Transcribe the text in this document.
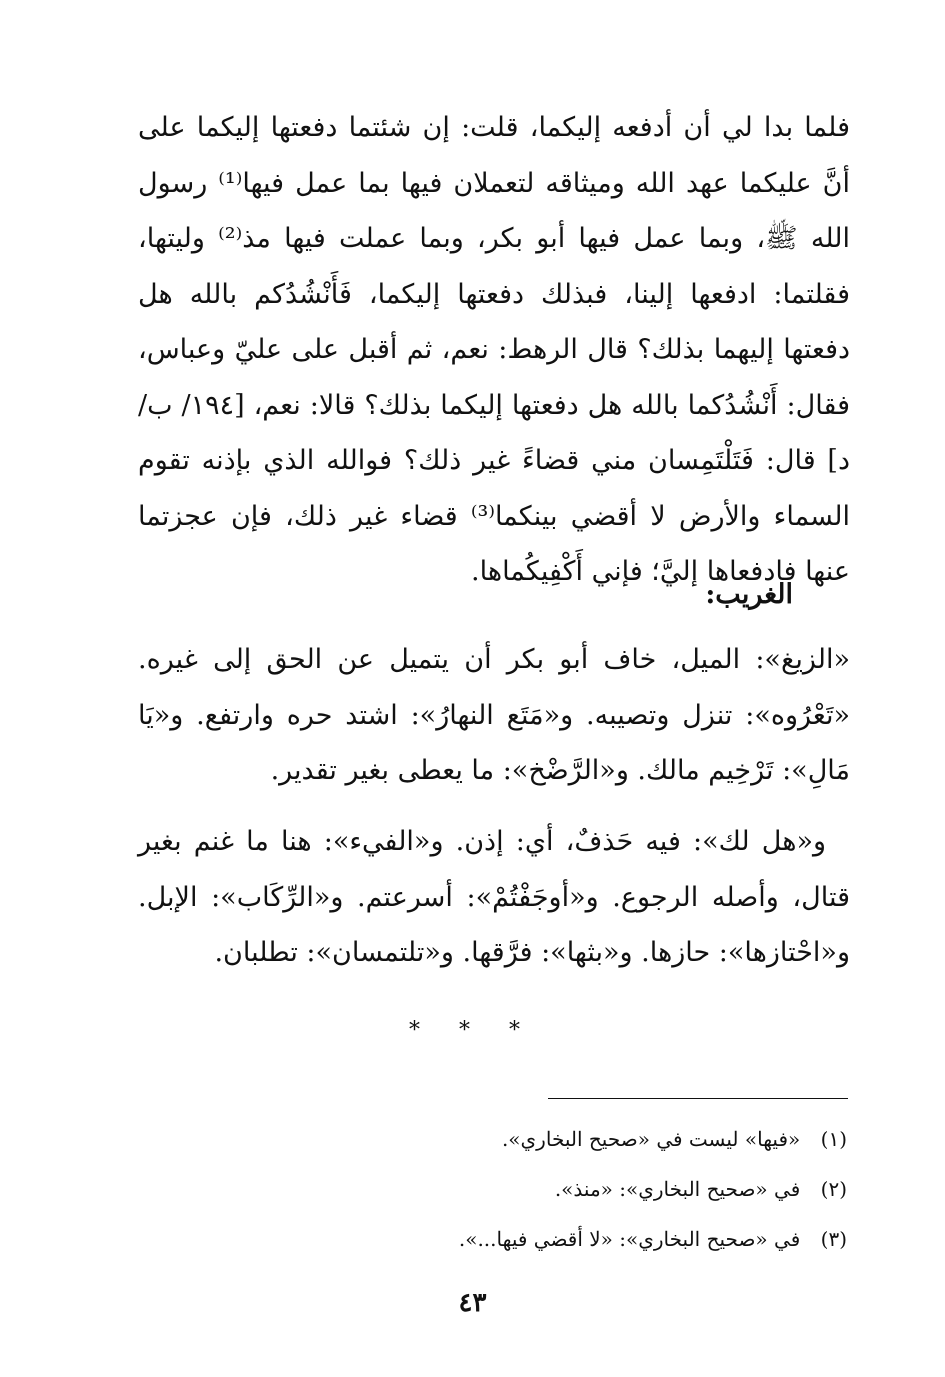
فلما بدا لي أن أدفعه إليكما، قلت: إن شئتما دفعتها إليكما على أنَّ عليكما عهد الله وميثاقه لتعملان فيها بما عمل فيها⁽¹⁾ رسول الله ﷺ، وبما عمل فيها أبو بكر، وبما عملت فيها مذ⁽²⁾ وليتها، فقلتما: ادفعها إلينا، فبذلك دفعتها إليكما، فَأَنْشُدُكم بالله هل دفعتها إليهما بذلك؟ قال الرهط: نعم، ثم أقبل على عليّ وعباس، فقال: أَنْشُدُكما بالله هل دفعتها إليكما بذلك؟ قالا: نعم، [١٩٤/ ب/ د] قال: فَتَلْتَمِسان مني قضاءً غير ذلك؟ فوالله الذي بإذنه تقوم السماء والأرض لا أقضي بينكما⁽³⁾ قضاء غير ذلك، فإن عجزتما عنها فادفعاها إليَّ؛ فإني أَكْفِيكُماها.

الغريب:

«الزيغ»: الميل، خاف أبو بكر أن يتميل عن الحق إلى غيره. «تَعْرُوه»: تنزل وتصيبه. و«مَتَع النهارُ»: اشتد حره وارتفع. و«يَا مَالِ»: تَرْخِيم مالك. و«الرَّضْخ»: ما يعطى بغير تقدير.

و«هل لك»: فيه حَذفٌ، أي: إذن. و«الفيء»: هنا ما غنم بغير قتال، وأصله الرجوع. و«أوجَفْتُمْ»: أسرعتم. و«الرِّكَاب»: الإبل. و«احْتازها»: حازها. و«بثها»: فرَّقها. و«تلتمسان»: تطلبان.

* * *
(١) «فيها» ليست في «صحيح البخاري».
(٢) في «صحيح البخاري»: «منذ».
(٣) في «صحيح البخاري»: «لا أقضي فيها...».
٤٣
